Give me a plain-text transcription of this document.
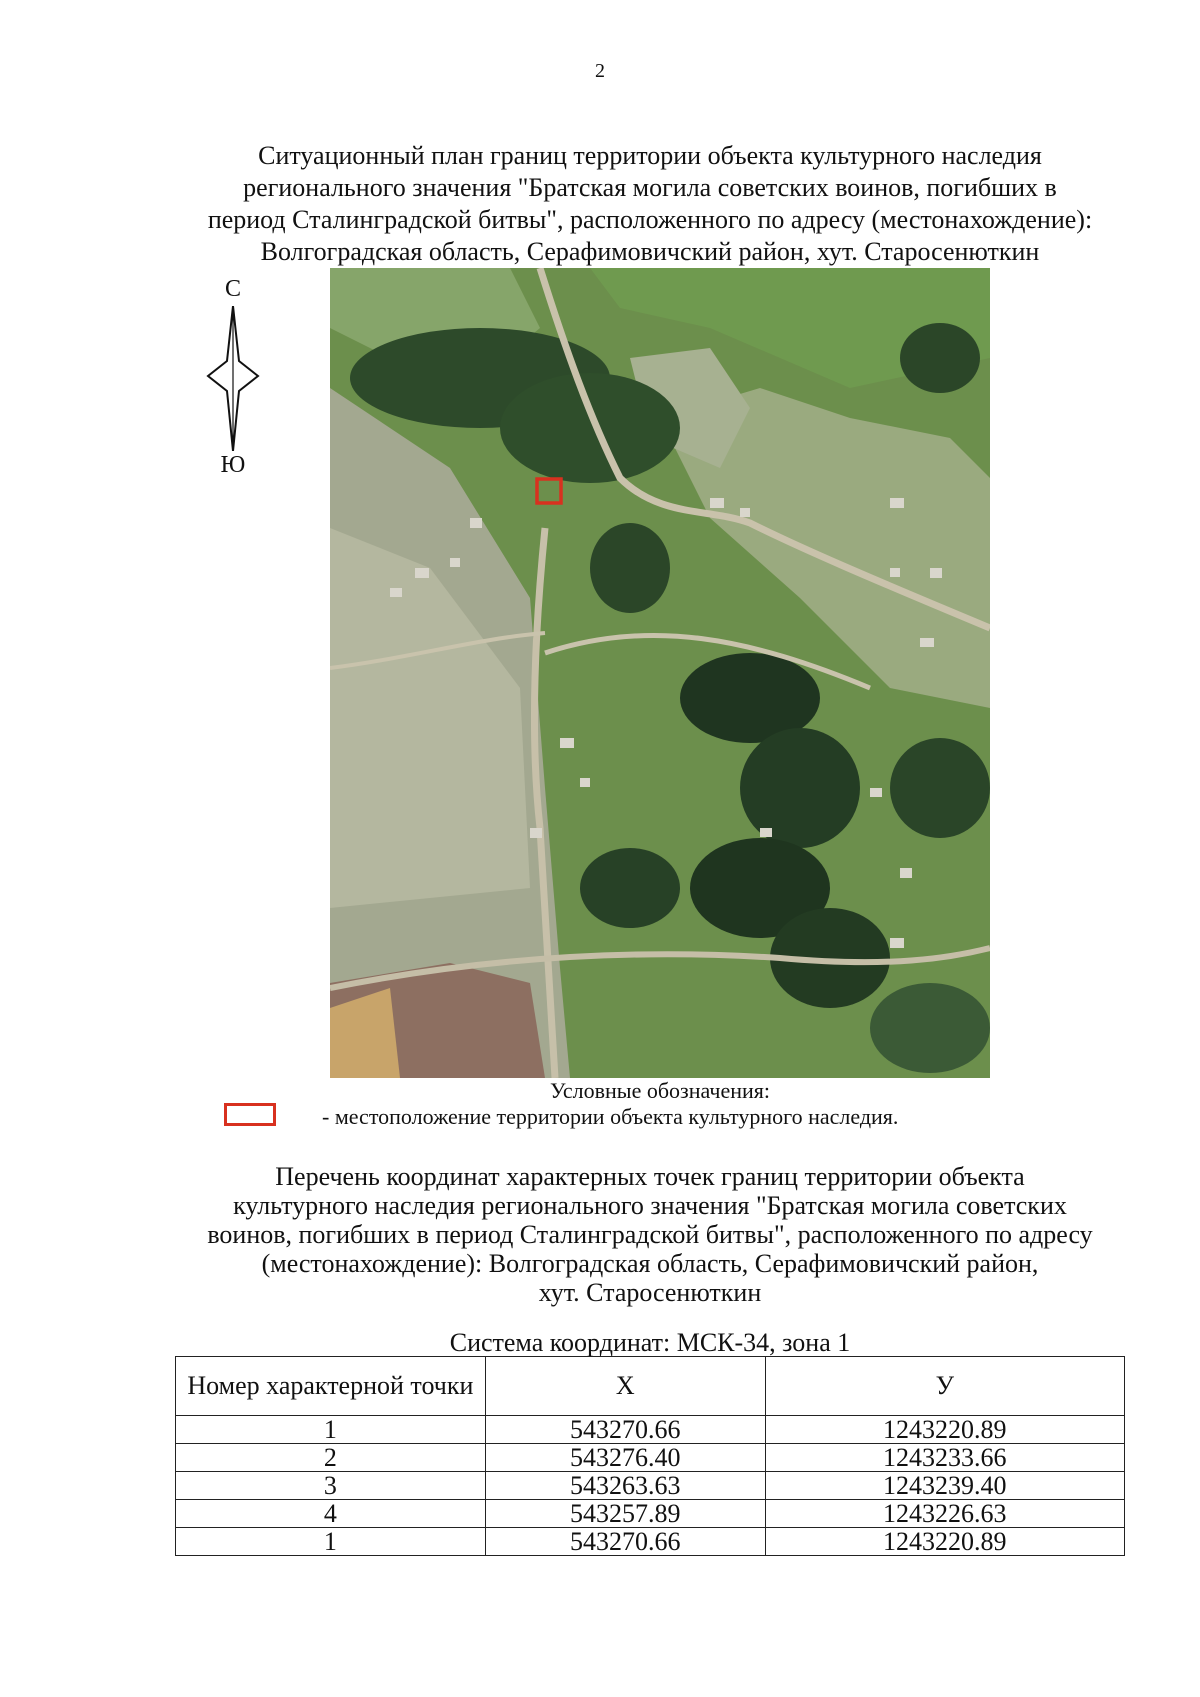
2
Ситуационный план границ территории объекта культурного наследия
регионального значения "Братская могила советских воинов, погибших в
период Сталинградской битвы", расположенного по адресу (местонахождение):
Волгоградская область, Серафимовичский район, хут. Старосенюткин
С
Ю
Условные обозначения:
- местоположение территории объекта культурного наследия.
Перечень координат характерных точек границ территории объекта
культурного наследия регионального значения "Братская могила советских
воинов, погибших в период Сталинградской битвы", расположенного по адресу
(местонахождение): Волгоградская область, Серафимовичский район,
хут. Старосенюткин
Система координат: МСК-34, зона 1
Номер характерной точки	X	У
1	543270.66	1243220.89
2	543276.40	1243233.66
3	543263.63	1243239.40
4	543257.89	1243226.63
1	543270.66	1243220.89
